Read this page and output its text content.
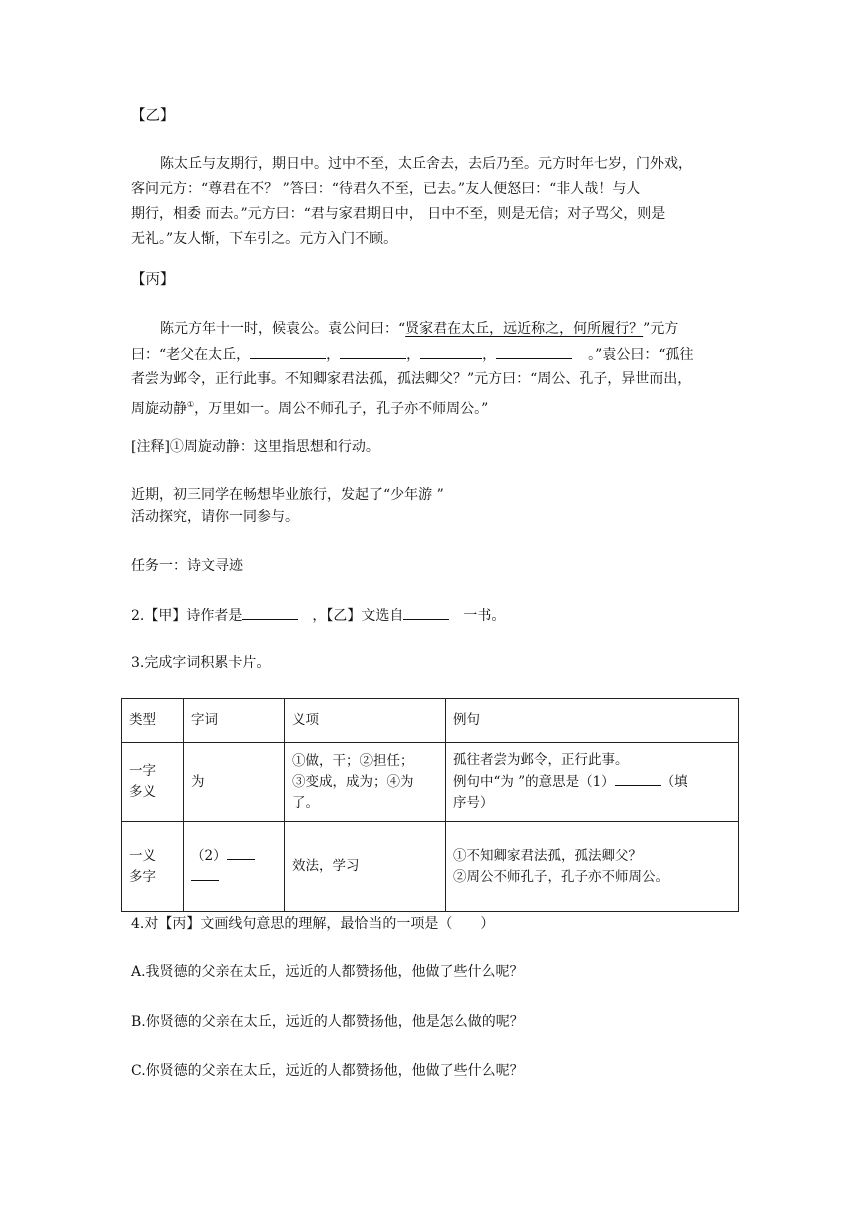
【乙】
陈太丘与友期行，期日中。过中不至，太丘舍去，去后乃至。元方时年七岁，门外戏，
客问元方：“尊君在不？ ”答曰：“待君久不至，已去。”友人便怒曰：“非人哉！与人
期行，相委 而去。”元方曰：“君与家君期日中， 日中不至，则是无信；对子骂父，则是
无礼。”友人惭，下车引之。元方入门不顾。
【丙】
陈元方年十一时，候袁公。袁公问曰：“贤家君在太丘，远近称之，何所履行？”元方
曰：“老父在太丘，	，	，	，	。”袁公曰：“孤往
者尝为邺令，正行此事。不知卿家君法孤，孤法卿父？”元方曰：“周公、孔子，异世而出，
周旋动静①，万里如一。周公不师孔子，孔子亦不师周公。”
[注释]①周旋动静：这里指思想和行动。
近期，初三同学在畅想毕业旅行，发起了“少年游 ”
活动探究，请你一同参与。
任务一：诗文寻迹
2.【甲】诗作者是	，【乙】文选自	一书。
3.完成字词积累卡片。
类型	字词	义项	例句
一字
多义	为	①做，干；②担任；
③变成，成为；④为
了。	孤往者尝为邺令，正行此事。
例句中“为 ”的意思是（1） （填
序号）
一义
多字	（2）	效法，学习	①不知卿家君法孤，孤法卿父？
②周公不师孔子，孔子亦不师周公。
4.对【丙】文画线句意思的理解，最恰当的一项是（　　）
A.我贤德的父亲在太丘，远近的人都赞扬他，他做了些什么呢？
B.你贤德的父亲在太丘，远近的人都赞扬他，他是怎么做的呢？
C.你贤德的父亲在太丘，远近的人都赞扬他，他做了些什么呢？
